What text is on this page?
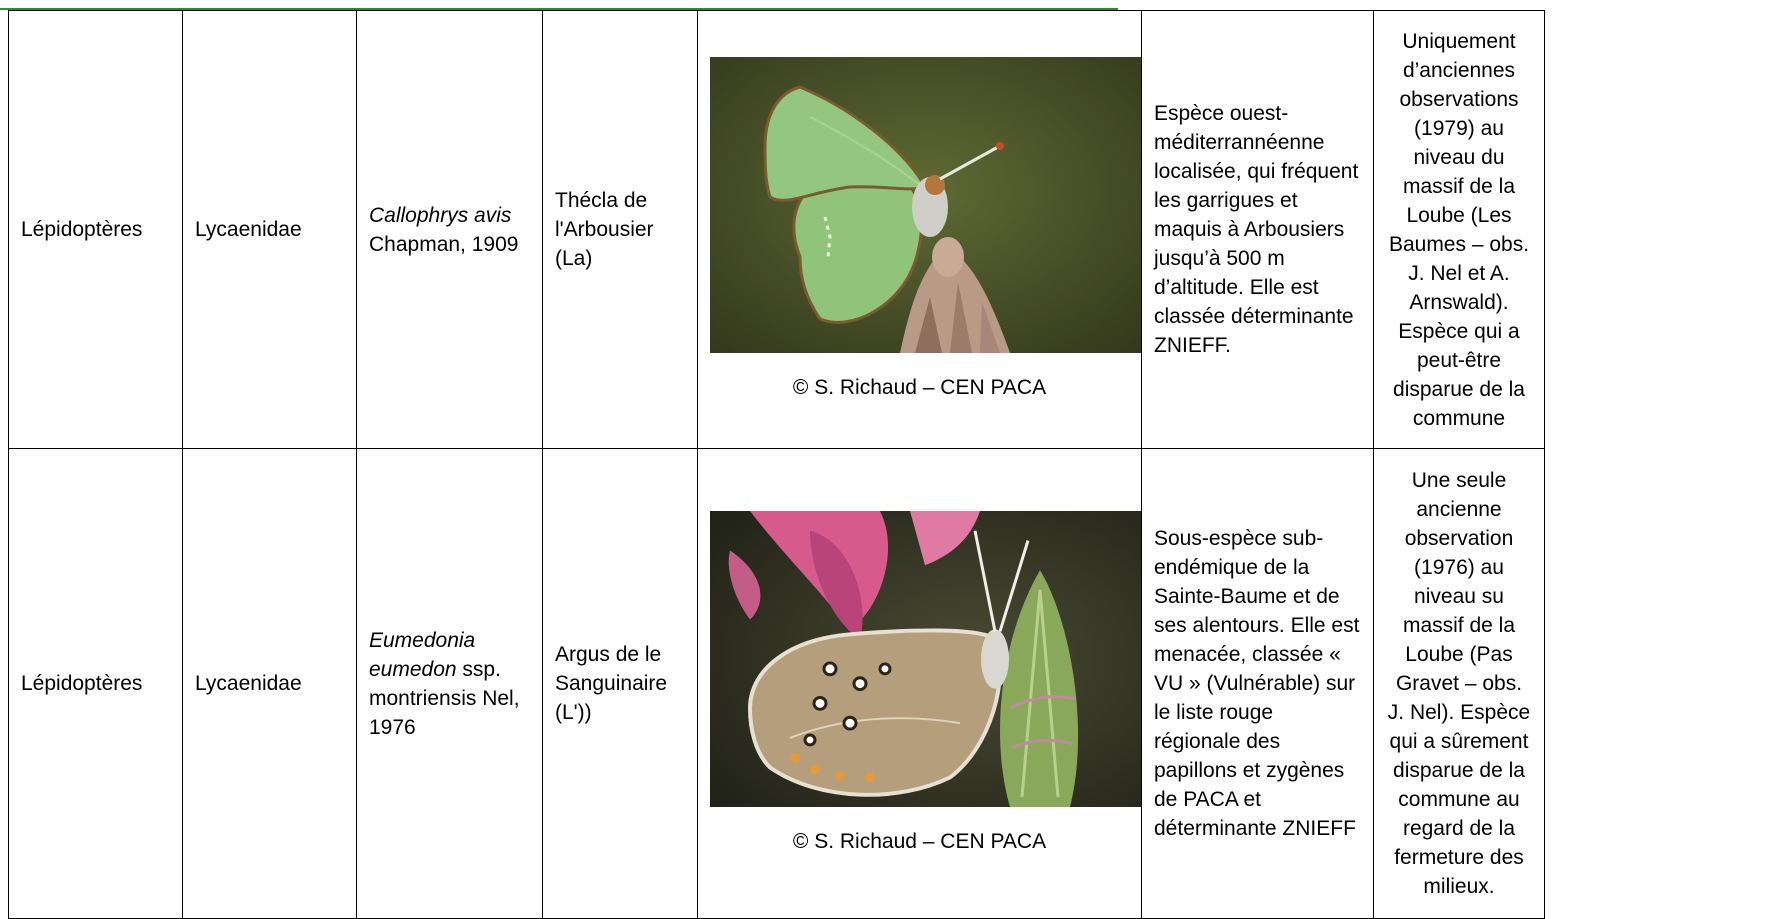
Lépidoptères	Lycaenidae	Callophrys avis Chapman, 1909	Thécla de l'Arbousier (La)	© S. Richaud – CEN PACA	Espèce ouest-méditerrannéenne localisée, qui fréquent les garrigues et maquis à Arbousiers jusqu’à 500 m d’altitude. Elle est classée déterminante ZNIEFF.	Uniquement d’anciennes observations (1979) au niveau du massif de la Loube (Les Baumes – obs. J. Nel et A. Arnswald). Espèce qui a peut-être disparue de la commune
Lépidoptères	Lycaenidae	Eumedonia eumedon ssp. montriensis Nel, 1976	Argus de le Sanguinaire (L'))	© S. Richaud – CEN PACA	Sous-espèce sub-endémique de la Sainte-Baume et de ses alentours. Elle est menacée, classée « VU » (Vulnérable) sur le liste rouge régionale des papillons et zygènes de PACA et déterminante ZNIEFF	Une seule ancienne observation (1976) au niveau su massif de la Loube (Pas Gravet – obs. J. Nel). Espèce qui a sûrement disparue de la commune au regard de la fermeture des milieux.
